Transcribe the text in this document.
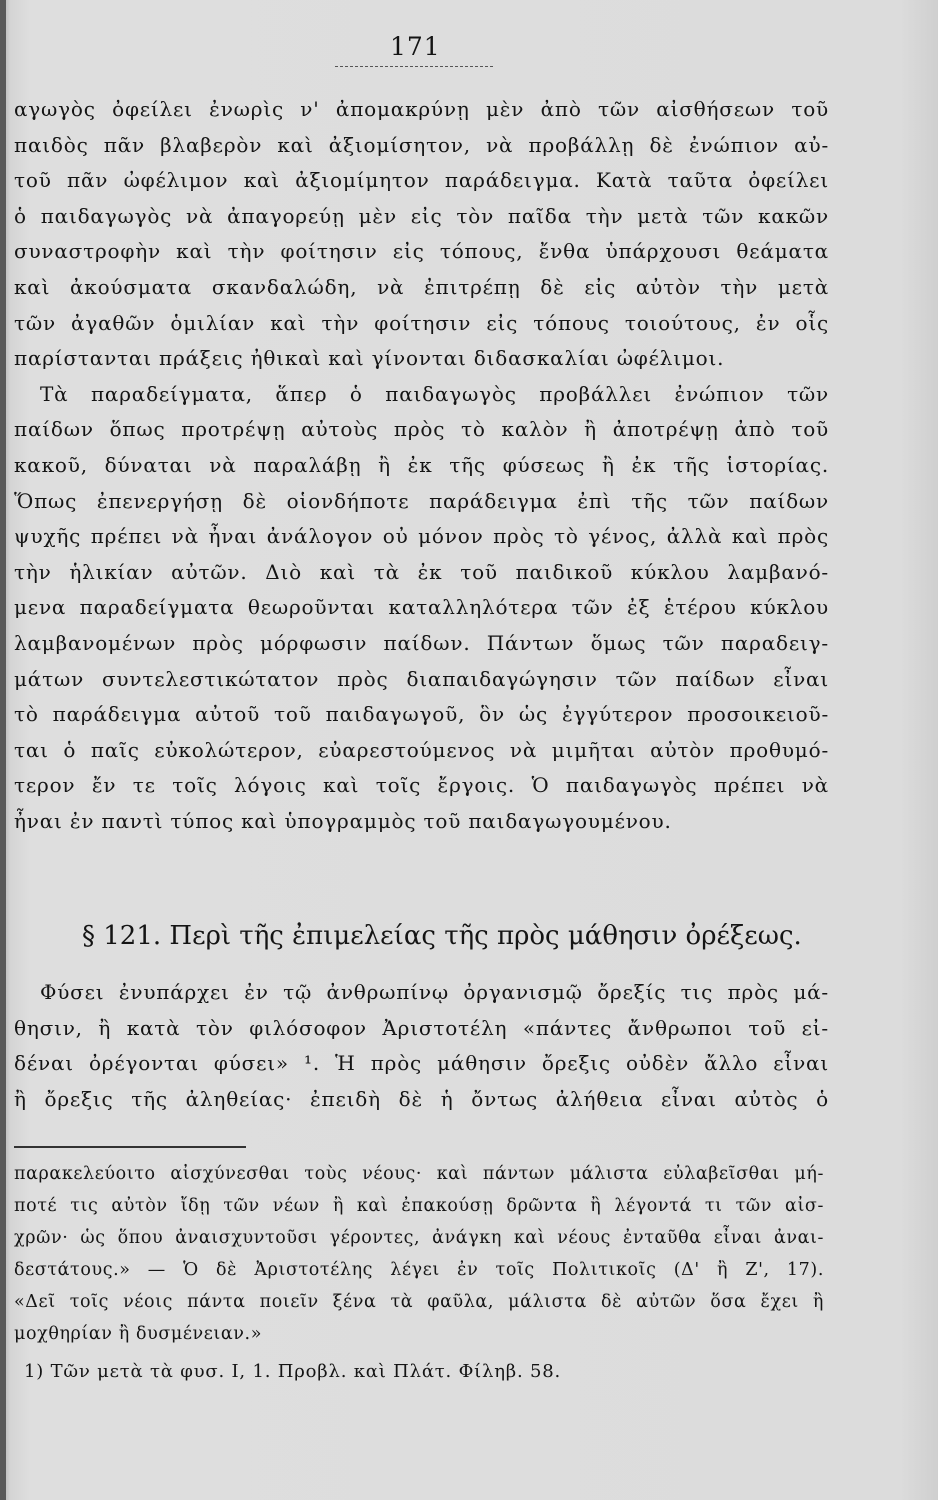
171
αγωγὸς ὀφείλει ἐνωρὶς ν' ἀπομακρύνῃ μὲν ἀπὸ τῶν αἰσθήσεων τοῦ
παιδὸς πᾶν βλαβερὸν καὶ ἀξιομίσητον, νὰ προβάλλῃ δὲ ἐνώπιον αὐ-
τοῦ πᾶν ὠφέλιμον καὶ ἀξιομίμητον παράδειγμα. Κατὰ ταῦτα ὀφείλει
ὁ παιδαγωγὸς νὰ ἀπαγορεύῃ μὲν εἰς τὸν παῖδα τὴν μετὰ τῶν κακῶν
συναστροφὴν καὶ τὴν φοίτησιν εἰς τόπους, ἔνθα ὑπάρχουσι θεάματα
καὶ ἀκούσματα σκανδαλώδη, νὰ ἐπιτρέπῃ δὲ εἰς αὐτὸν τὴν μετὰ
τῶν ἀγαθῶν ὁμιλίαν καὶ τὴν φοίτησιν εἰς τόπους τοιούτους, ἐν οἷς
παρίστανται πράξεις ἠθικαὶ καὶ γίνονται διδασκαλίαι ὠφέλιμοι.
Τὰ παραδείγματα, ἅπερ ὁ παιδαγωγὸς προβάλλει ἐνώπιον τῶν
παίδων ὅπως προτρέψῃ αὐτοὺς πρὸς τὸ καλὸν ἢ ἀποτρέψῃ ἀπὸ τοῦ
κακοῦ, δύναται νὰ παραλάβῃ ἢ ἐκ τῆς φύσεως ἢ ἐκ τῆς ἱστορίας.
Ὅπως ἐπενεργήσῃ δὲ οἱονδήποτε παράδειγμα ἐπὶ τῆς τῶν παίδων
ψυχῆς πρέπει νὰ ἦναι ἀνάλογον οὐ μόνον πρὸς τὸ γένος, ἀλλὰ καὶ πρὸς
τὴν ἡλικίαν αὐτῶν. Διὸ καὶ τὰ ἐκ τοῦ παιδικοῦ κύκλου λαμβανό-
μενα παραδείγματα θεωροῦνται καταλληλότερα τῶν ἐξ ἑτέρου κύκλου
λαμβανομένων πρὸς μόρφωσιν παίδων. Πάντων ὅμως τῶν παραδειγ-
μάτων συντελεστικώτατον πρὸς διαπαιδαγώγησιν τῶν παίδων εἶναι
τὸ παράδειγμα αὐτοῦ τοῦ παιδαγωγοῦ, ὃν ὡς ἐγγύτερον προσοικειοῦ-
ται ὁ παῖς εὐκολώτερον, εὐαρεστούμενος νὰ μιμῆται αὐτὸν προθυμό-
τερον ἔν τε τοῖς λόγοις καὶ τοῖς ἔργοις. Ὁ παιδαγωγὸς πρέπει νὰ
ἦναι ἐν παντὶ τύπος καὶ ὑπογραμμὸς τοῦ παιδαγωγουμένου.
§ 121. Περὶ τῆς ἐπιμελείας τῆς πρὸς μάθησιν ὀρέξεως.
Φύσει ἐνυπάρχει ἐν τῷ ἀνθρωπίνῳ ὀργανισμῷ ὄρεξίς τις πρὸς μά-
θησιν, ἢ κατὰ τὸν φιλόσοφον Ἀριστοτέλη «πάντες ἄνθρωποι τοῦ εἰ-
δέναι ὀρέγονται φύσει» ¹. Ἡ πρὸς μάθησιν ὄρεξις οὐδὲν ἄλλο εἶναι
ἢ ὄρεξις τῆς ἀληθείας· ἐπειδὴ δὲ ἡ ὄντως ἀλήθεια εἶναι αὐτὸς ὁ
παρακελεύοιτο αἰσχύνεσθαι τοὺς νέους· καὶ πάντων μάλιστα εὐλαβεῖσθαι μή-
ποτέ τις αὐτὸν ἴδῃ τῶν νέων ἢ καὶ ἐπακούσῃ δρῶντα ἢ λέγοντά τι τῶν αἰσ-
χρῶν· ὡς ὅπου ἀναισχυντοῦσι γέροντες, ἀνάγκη καὶ νέους ἐνταῦθα εἶναι ἀναι-
δεστάτους.» — Ὁ δὲ Ἀριστοτέλης λέγει ἐν τοῖς Πολιτικοῖς (Δ' ἢ Ζ', 17).
«Δεῖ τοῖς νέοις πάντα ποιεῖν ξένα τὰ φαῦλα, μάλιστα δὲ αὐτῶν ὅσα ἔχει ἢ
μοχθηρίαν ἢ δυσμένειαν.»
1) Τῶν μετὰ τὰ φυσ. Ι, 1. Προβλ. καὶ Πλάτ. Φίληβ. 58.
